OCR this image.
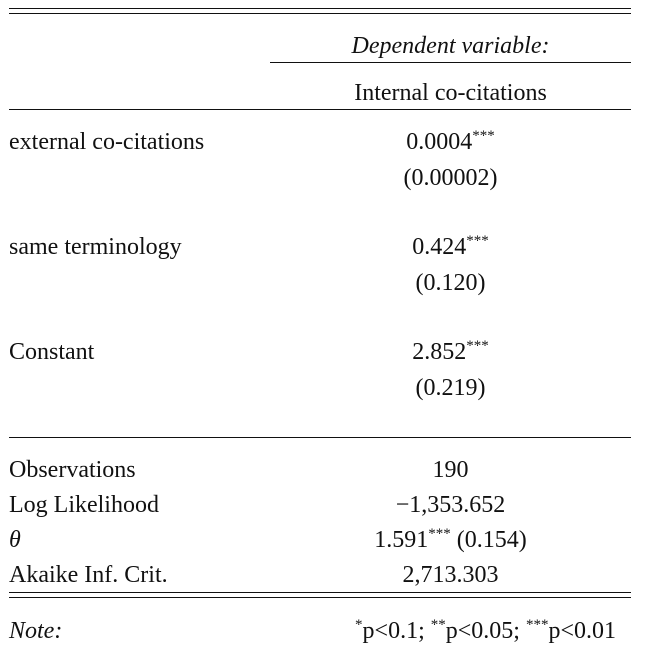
Dependent variable:
Internal co-citations
external co-citations	0.0004***
(0.00002)
same terminology	0.424***
(0.120)
Constant	2.852***
(0.219)
Observations	190
Log Likelihood	−1,353.652
θ	1.591*** (0.154)
Akaike Inf. Crit.	2,713.303
Note:	*p<0.1; **p<0.05; ***p<0.01
